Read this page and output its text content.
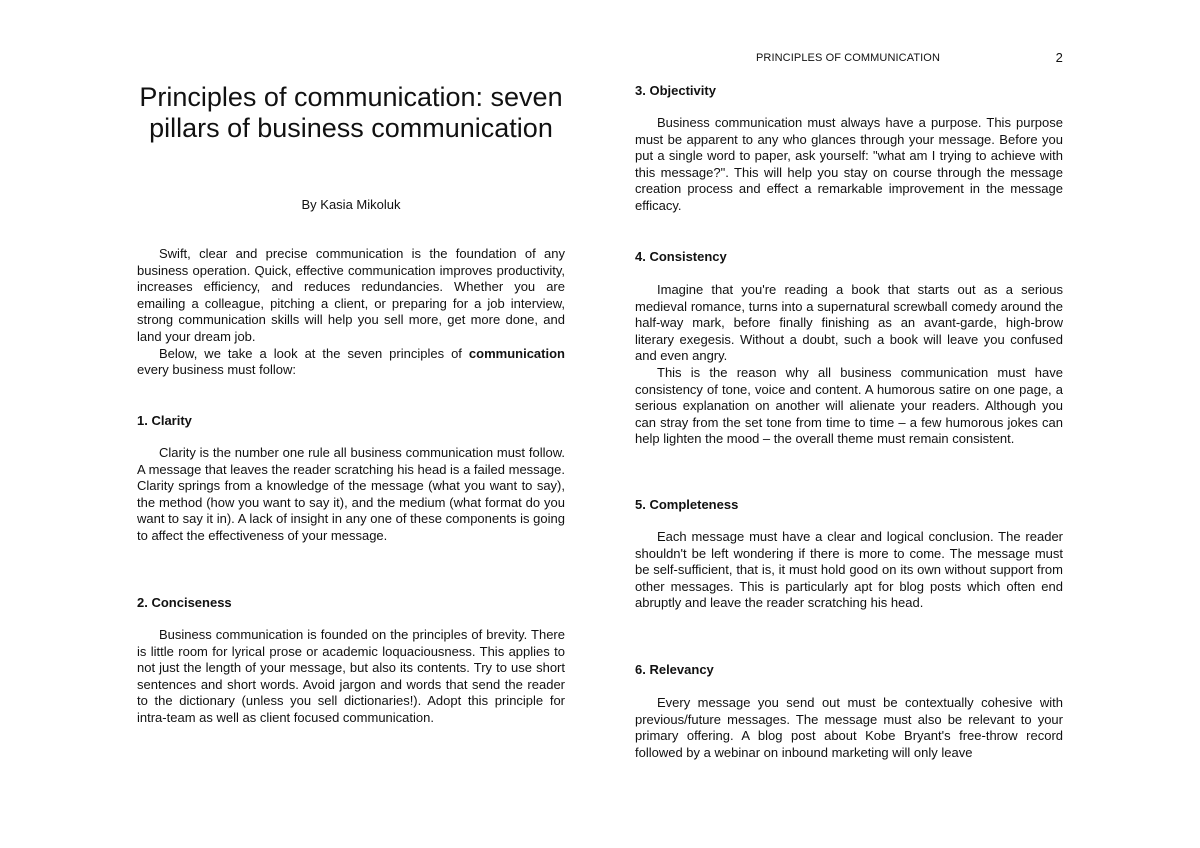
Principles of communication: seven pillars of business communication

By Kasia Mikoluk

Swift, clear and precise communication is the foundation of any business operation. Quick, effective communication improves productivity, increases efficiency, and reduces redundancies. Whether you are emailing a colleague, pitching a client, or preparing for a job interview, strong communication skills will help you sell more, get more done, and land your dream job.

Below, we take a look at the seven principles of communication every business must follow:

1. Clarity

Clarity is the number one rule all business communication must follow. A message that leaves the reader scratching his head is a failed message. Clarity springs from a knowledge of the message (what you want to say), the method (how you want to say it), and the medium (what format do you want to say it in). A lack of insight in any one of these components is going to affect the effectiveness of your message.

2. Conciseness

Business communication is founded on the principles of brevity. There is little room for lyrical prose or academic loquaciousness. This applies to not just the length of your message, but also its contents. Try to use short sentences and short words. Avoid jargon and words that send the reader to the dictionary (unless you sell dictionaries!). Adopt this principle for intra-team as well as client focused communication.

PRINCIPLES OF COMMUNICATION	2
3. Objectivity

Business communication must always have a purpose. This purpose must be apparent to any who glances through your message. Before you put a single word to paper, ask yourself: "what am I trying to achieve with this message?". This will help you stay on course through the message creation process and effect a remarkable improvement in the message efficacy.

4. Consistency

Imagine that you're reading a book that starts out as a serious medieval romance, turns into a supernatural screwball comedy around the half-way mark, before finally finishing as an avant-garde, high-brow literary exegesis. Without a doubt, such a book will leave you confused and even angry.

This is the reason why all business communication must have consistency of tone, voice and content. A humorous satire on one page, a serious explanation on another will alienate your readers. Although you can stray from the set tone from time to time – a few humorous jokes can help lighten the mood – the overall theme must remain consistent.

5. Completeness

Each message must have a clear and logical conclusion. The reader shouldn't be left wondering if there is more to come. The message must be self-sufficient, that is, it must hold good on its own without support from other messages. This is particularly apt for blog posts which often end abruptly and leave the reader scratching his head.

6. Relevancy

Every message you send out must be contextually cohesive with previous/future messages. The message must also be relevant to your primary offering. A blog post about Kobe Bryant's free-throw record followed by a webinar on inbound marketing will only leave
